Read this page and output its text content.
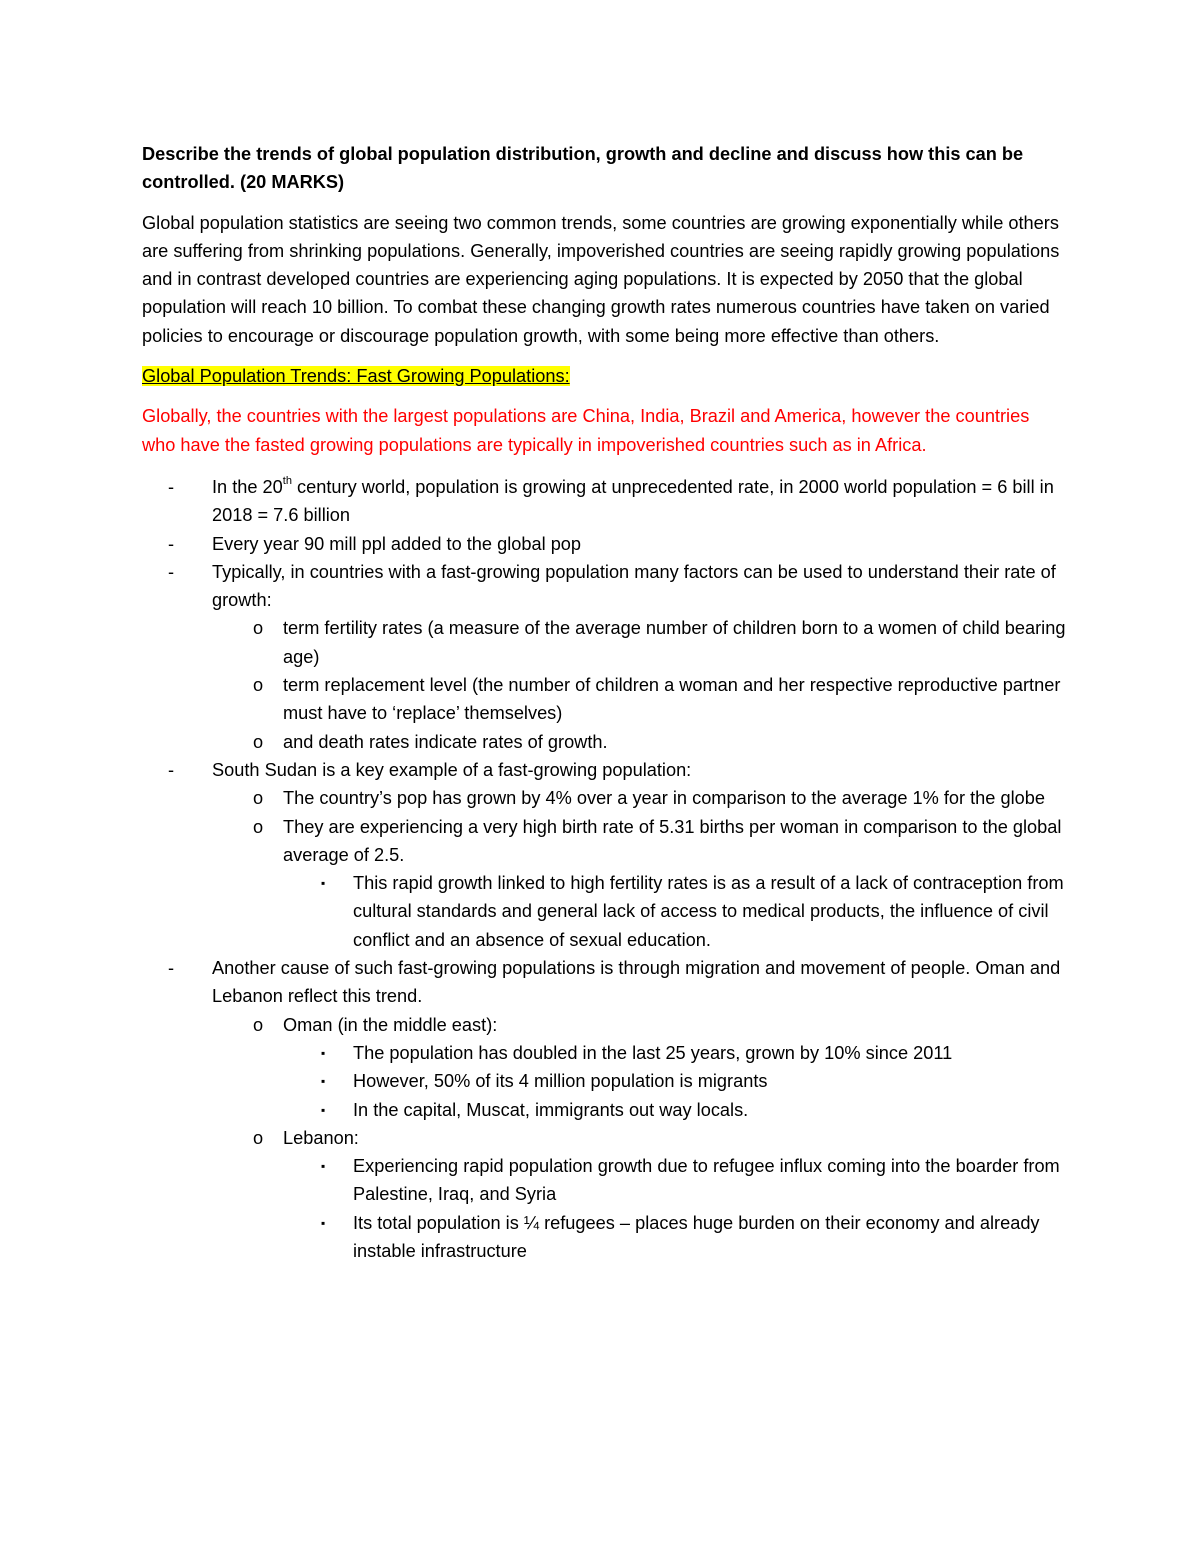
Describe the trends of global population distribution, growth and decline and discuss how this can be controlled. (20 MARKS)
Global population statistics are seeing two common trends, some countries are growing exponentially while others are suffering from shrinking populations. Generally, impoverished countries are seeing rapidly growing populations and in contrast developed countries are experiencing aging populations. It is expected by 2050 that the global population will reach 10 billion. To combat these changing growth rates numerous countries have taken on varied policies to encourage or discourage population growth, with some being more effective than others.
Global Population Trends: Fast Growing Populations:
Globally, the countries with the largest populations are China, India, Brazil and America, however the countries who have the fasted growing populations are typically in impoverished countries such as in Africa.
-	In the 20th century world, population is growing at unprecedented rate, in 2000 world population = 6 bill in 2018 = 7.6 billion
-	Every year 90 mill ppl added to the global pop
-	Typically, in countries with a fast-growing population many factors can be used to understand their rate of growth:
o	term fertility rates (a measure of the average number of children born to a women of child bearing age)
o	term replacement level (the number of children a woman and her respective reproductive partner must have to ‘replace’ themselves)
o	and death rates indicate rates of growth.
-	South Sudan is a key example of a fast-growing population:
o	The country’s pop has grown by 4% over a year in comparison to the average 1% for the globe
o	They are experiencing a very high birth rate of 5.31 births per woman in comparison to the global average of 2.5.
▪	This rapid growth linked to high fertility rates is as a result of a lack of contraception from cultural standards and general lack of access to medical products, the influence of civil conflict and an absence of sexual education.
-	Another cause of such fast-growing populations is through migration and movement of people. Oman and Lebanon reflect this trend.
o	Oman (in the middle east):
▪	The population has doubled in the last 25 years, grown by 10% since 2011
▪	However, 50% of its 4 million population is migrants
▪	In the capital, Muscat, immigrants out way locals.
o	Lebanon:
▪	Experiencing rapid population growth due to refugee influx coming into the boarder from Palestine, Iraq, and Syria
▪	Its total population is ¼ refugees – places huge burden on their economy and already instable infrastructure
